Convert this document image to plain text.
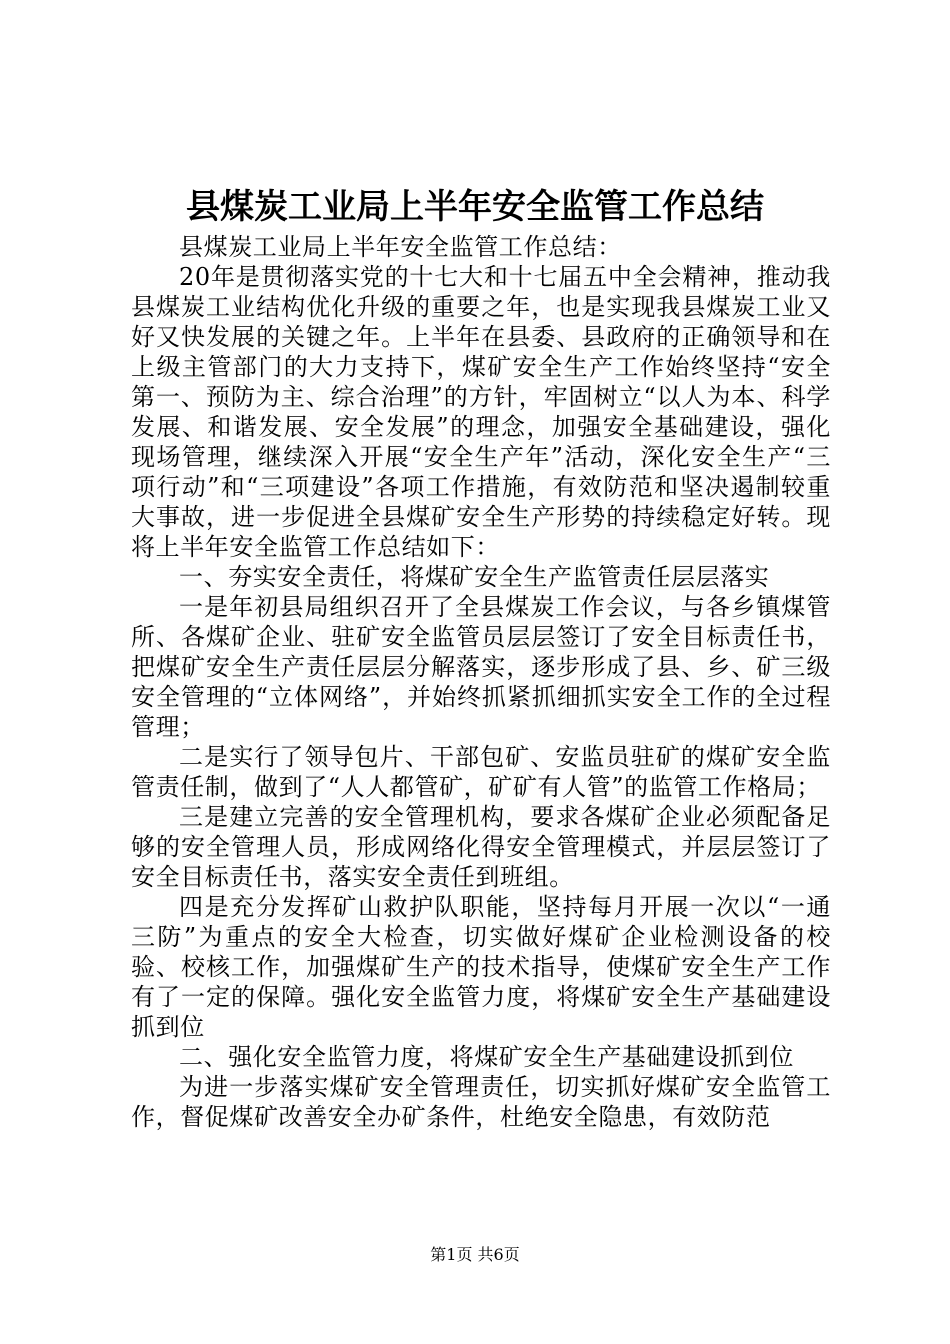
县煤炭工业局上半年安全监管工作总结

县煤炭工业局上半年安全监管工作总结：

20年是贯彻落实党的十七大和十七届五中全会精神，推动我县煤炭工业结构优化升级的重要之年，也是实现我县煤炭工业又好又快发展的关键之年。上半年在县委、县政府的正确领导和在上级主管部门的大力支持下，煤矿安全生产工作始终坚持“安全第一、预防为主、综合治理”的方针，牢固树立“以人为本、科学发展、和谐发展、安全发展”的理念，加强安全基础建设，强化现场管理，继续深入开展“安全生产年”活动，深化安全生产“三项行动”和“三项建设”各项工作措施，有效防范和坚决遏制较重大事故，进一步促进全县煤矿安全生产形势的持续稳定好转。现将上半年安全监管工作总结如下：

一、夯实安全责任，将煤矿安全生产监管责任层层落实

一是年初县局组织召开了全县煤炭工作会议，与各乡镇煤管所、各煤矿企业、驻矿安全监管员层层签订了安全目标责任书，把煤矿安全生产责任层层分解落实，逐步形成了县、乡、矿三级安全管理的“立体网络”，并始终抓紧抓细抓实安全工作的全过程管理；

二是实行了领导包片、干部包矿、安监员驻矿的煤矿安全监管责任制，做到了“人人都管矿，矿矿有人管”的监管工作格局；

三是建立完善的安全管理机构，要求各煤矿企业必须配备足够的安全管理人员，形成网络化得安全管理模式，并层层签订了安全目标责任书，落实安全责任到班组。

四是充分发挥矿山救护队职能，坚持每月开展一次以“一通三防”为重点的安全大检查，切实做好煤矿企业检测设备的校验、校核工作，加强煤矿生产的技术指导，使煤矿安全生产工作有了一定的保障。强化安全监管力度，将煤矿安全生产基础建设抓到位

二、强化安全监管力度，将煤矿安全生产基础建设抓到位

为进一步落实煤矿安全管理责任，切实抓好煤矿安全监管工作，督促煤矿改善安全办矿条件，杜绝安全隐患，有效防范

第1页 共6页
